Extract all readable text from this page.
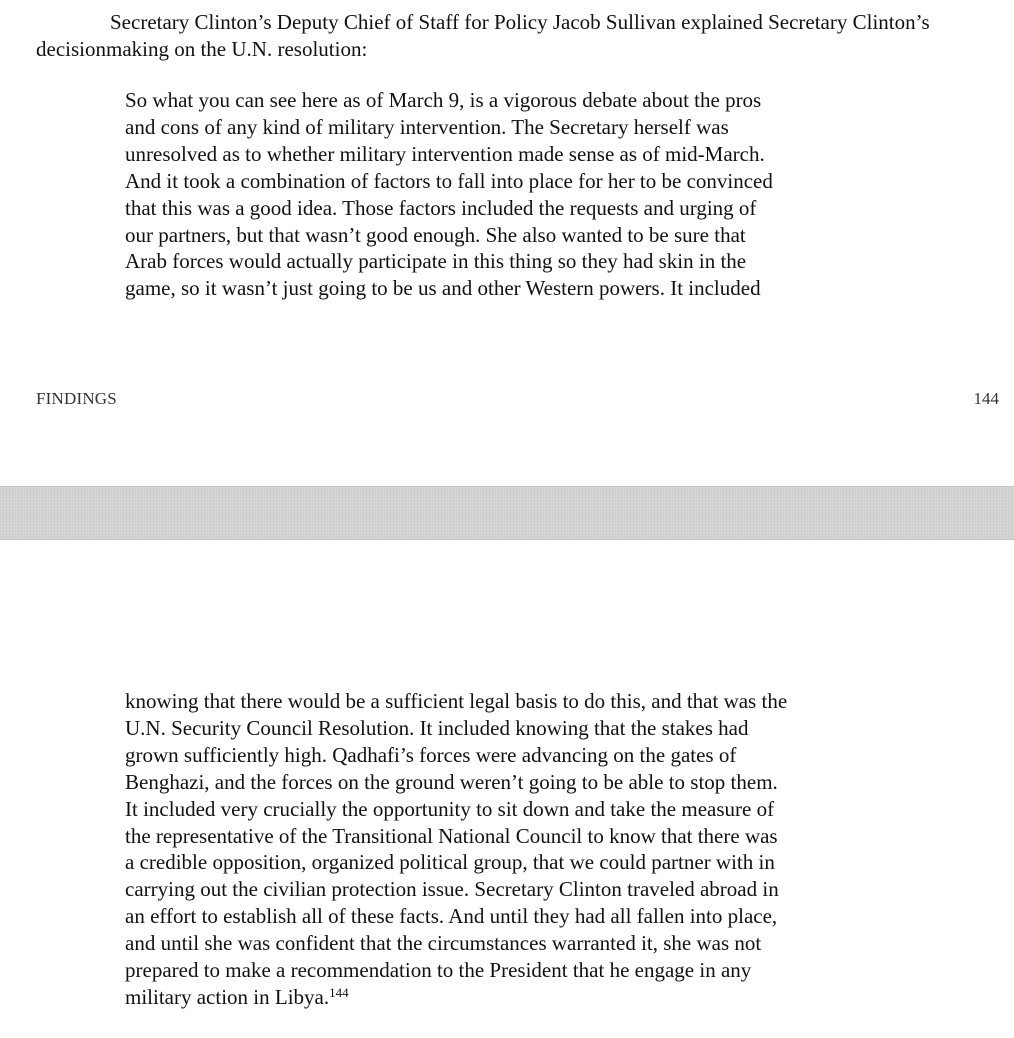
Secretary Clinton’s Deputy Chief of Staff for Policy Jacob Sullivan explained Secretary Clinton’s decisionmaking on the U.N. resolution:

So what you can see here as of March 9, is a vigorous debate about the pros
and cons of any kind of military intervention. The Secretary herself was
unresolved as to whether military intervention made sense as of mid-March.
And it took a combination of factors to fall into place for her to be convinced
that this was a good idea. Those factors included the requests and urging of
our partners, but that wasn’t good enough. She also wanted to be sure that
Arab forces would actually participate in this thing so they had skin in the
game, so it wasn’t just going to be us and other Western powers. It included

FINDINGS	144

knowing that there would be a sufficient legal basis to do this, and that was the
U.N. Security Council Resolution. It included knowing that the stakes had
grown sufficiently high. Qadhafi’s forces were advancing on the gates of
Benghazi, and the forces on the ground weren’t going to be able to stop them.
It included very crucially the opportunity to sit down and take the measure of
the representative of the Transitional National Council to know that there was
a credible opposition, organized political group, that we could partner with in
carrying out the civilian protection issue. Secretary Clinton traveled abroad in
an effort to establish all of these facts. And until they had all fallen into place,
and until she was confident that the circumstances warranted it, she was not
prepared to make a recommendation to the President that he engage in any
military action in Libya.$^{144}$
